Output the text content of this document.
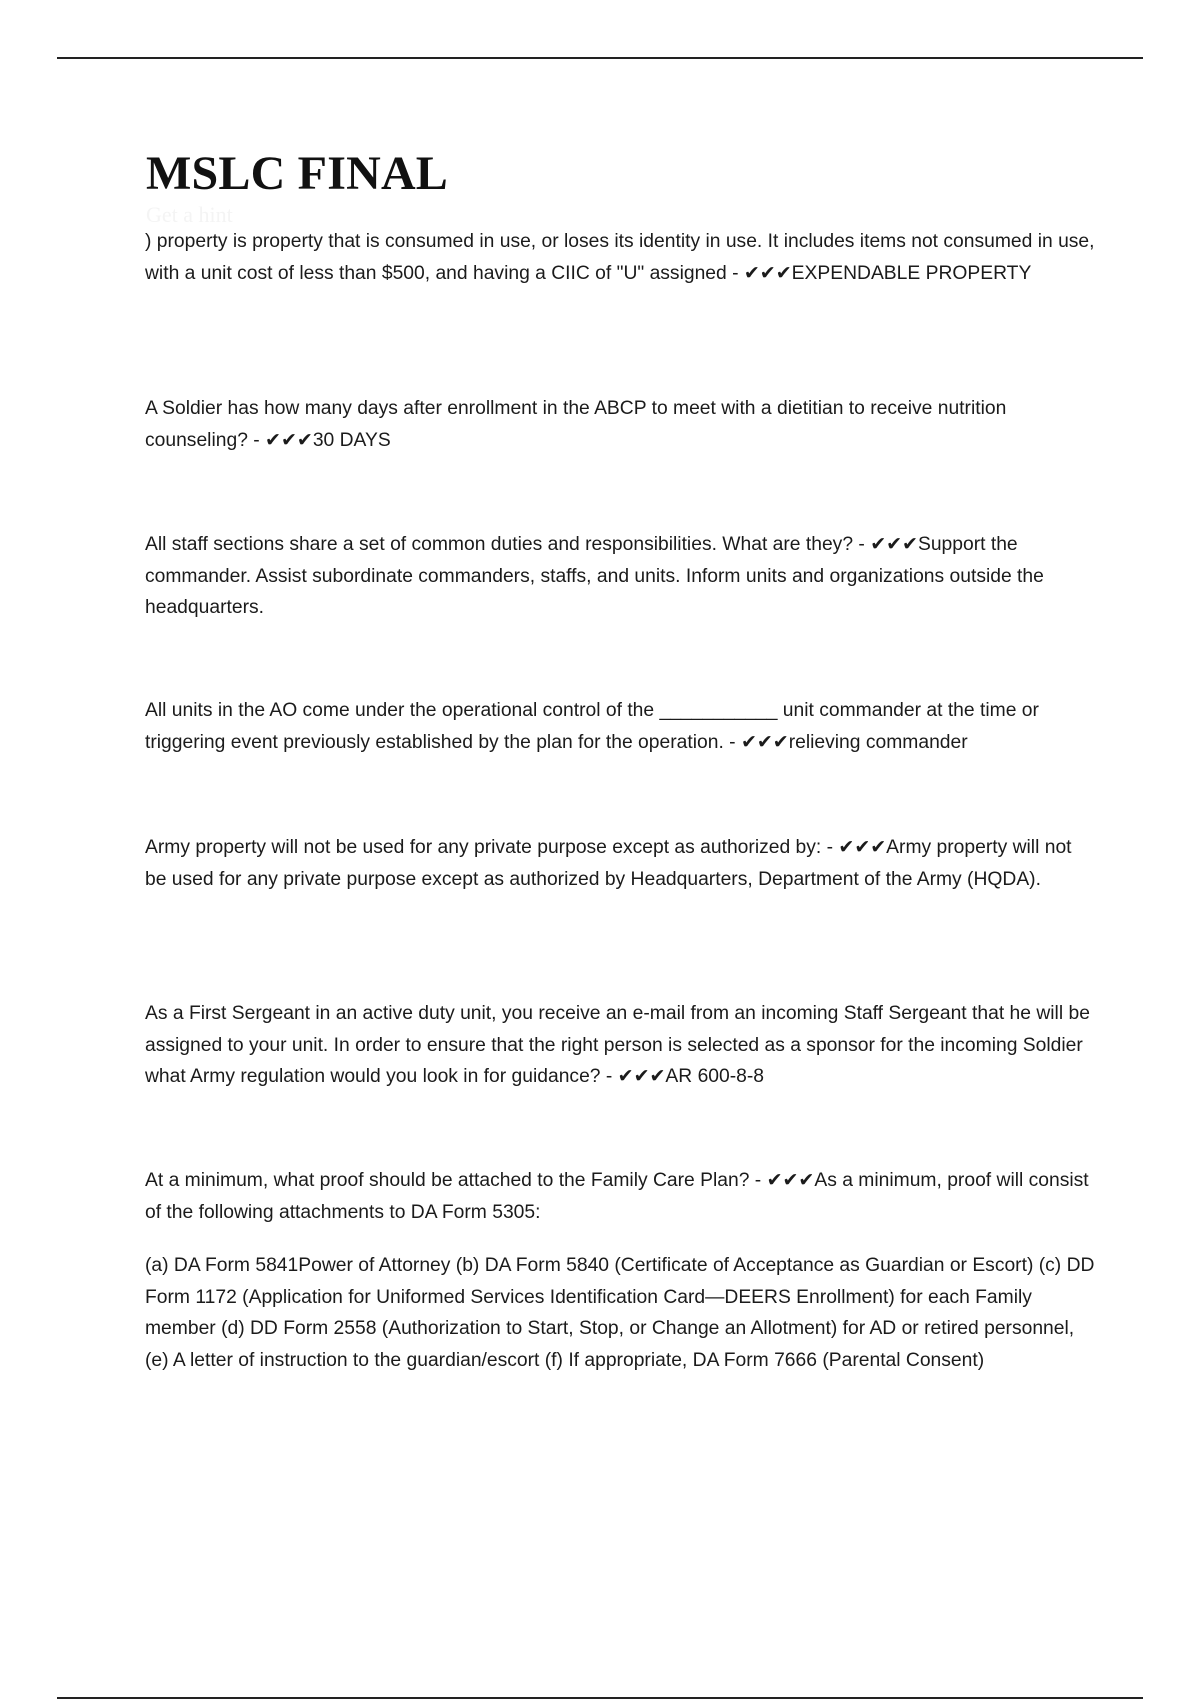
MSLC FINAL
Get a hint

) property is property that is consumed in use, or loses its identity in use. It includes items not consumed in use, with a unit cost of less than $500, and having a CIIC of "U" assigned - ✔✔✔EXPENDABLE PROPERTY

A Soldier has how many days after enrollment in the ABCP to meet with a dietitian to receive nutrition counseling? - ✔✔✔30 DAYS

All staff sections share a set of common duties and responsibilities. What are they? - ✔✔✔Support the commander. Assist subordinate commanders, staffs, and units. Inform units and organizations outside the headquarters.

All units in the AO come under the operational control of the ___________ unit commander at the time or triggering event previously established by the plan for the operation. - ✔✔✔relieving commander

Army property will not be used for any private purpose except as authorized by: - ✔✔✔Army property will not be used for any private purpose except as authorized by Headquarters, Department of the Army (HQDA).

As a First Sergeant in an active duty unit, you receive an e-mail from an incoming Staff Sergeant that he will be assigned to your unit. In order to ensure that the right person is selected as a sponsor for the incoming Soldier what Army regulation would you look in for guidance? - ✔✔✔AR 600-8-8

At a minimum, what proof should be attached to the Family Care Plan? - ✔✔✔As a minimum, proof will consist of the following attachments to DA Form 5305:

(a) DA Form 5841Power of Attorney (b) DA Form 5840 (Certificate of Acceptance as Guardian or Escort) (c) DD Form 1172 (Application for Uniformed Services Identification Card—DEERS Enrollment) for each Family member (d) DD Form 2558 (Authorization to Start, Stop, or Change an Allotment) for AD or retired personnel, (e) A letter of instruction to the guardian/escort (f) If appropriate, DA Form 7666 (Parental Consent)
